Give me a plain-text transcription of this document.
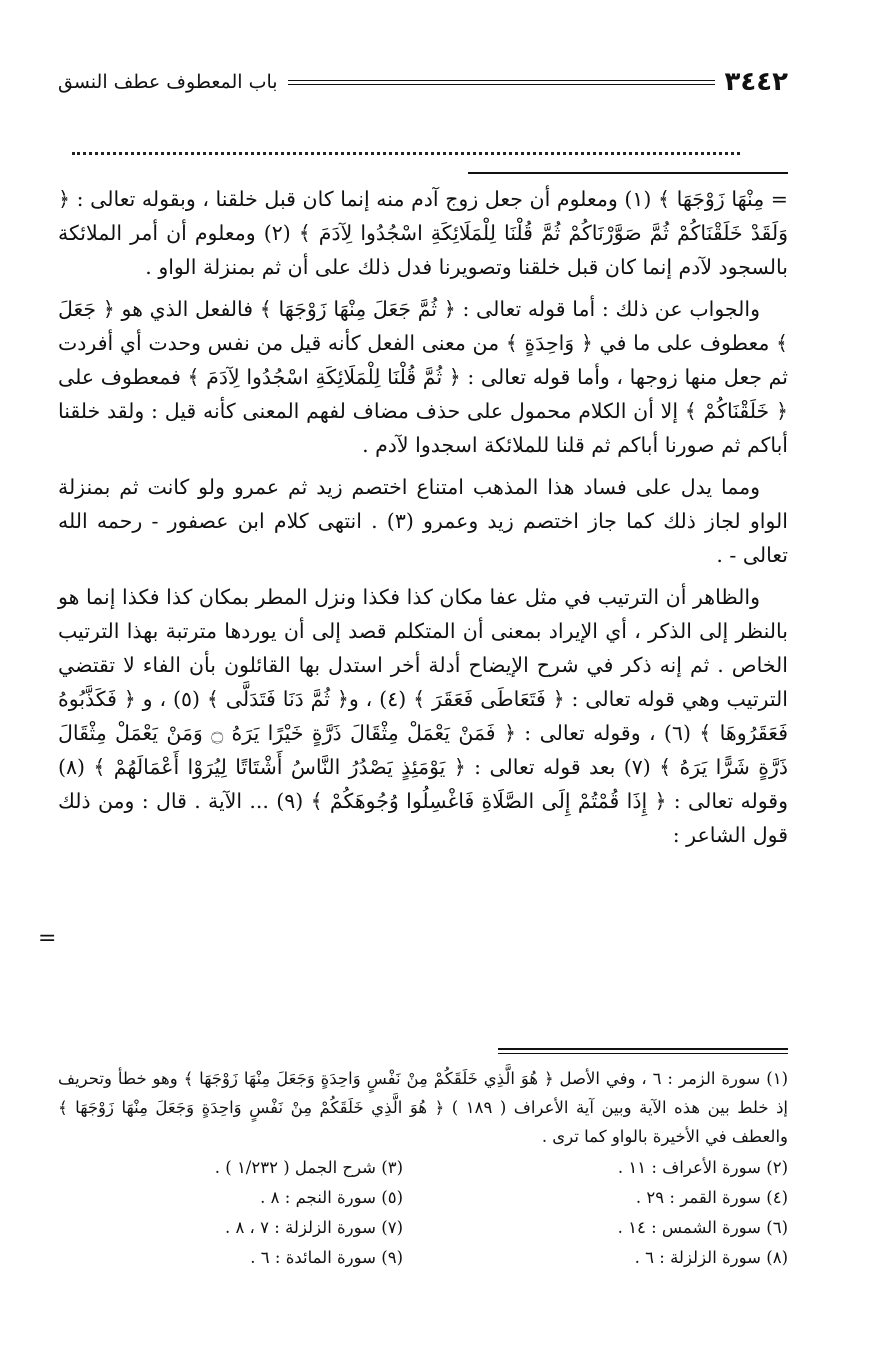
٣٤٤٢
باب المعطوف عطف النسق

= مِنْهَا زَوْجَهَا ﴾ (١) ومعلوم أن جعل زوج آدم منه إنما كان قبل خلقنا ، وبقوله تعالى : ﴿ وَلَقَدْ خَلَقْنَاكُمْ ثُمَّ صَوَّرْنَاكُمْ ثُمَّ قُلْنَا لِلْمَلَائِكَةِ اسْجُدُوا لِآدَمَ ﴾ (٢) ومعلوم أن أمر الملائكة بالسجود لآدم إنما كان قبل خلقنا وتصويرنا فدل ذلك على أن ثم بمنزلة الواو .

والجواب عن ذلك : أما قوله تعالى : ﴿ ثُمَّ جَعَلَ مِنْهَا زَوْجَهَا ﴾ فالفعل الذي هو ﴿ جَعَلَ ﴾ معطوف على ما في ﴿ وَاحِدَةٍ ﴾ من معنى الفعل كأنه قيل من نفس وحدت أي أفردت ثم جعل منها زوجها ، وأما قوله تعالى : ﴿ ثُمَّ قُلْنَا لِلْمَلَائِكَةِ اسْجُدُوا لِآدَمَ ﴾ فمعطوف على ﴿ خَلَقْنَاكُمْ ﴾ إلا أن الكلام محمول على حذف مضاف لفهم المعنى كأنه قيل : ولقد خلقنا أباكم ثم صورنا أباكم ثم قلنا للملائكة اسجدوا لآدم .

ومما يدل على فساد هذا المذهب امتناع اختصم زيد ثم عمرو ولو كانت ثم بمنزلة الواو لجاز ذلك كما جاز اختصم زيد وعمرو (٣) . انتهى كلام ابن عصفور - رحمه الله تعالى - .

والظاهر أن الترتيب في مثل عفا مكان كذا فكذا ونزل المطر بمكان كذا فكذا إنما هو بالنظر إلى الذكر ، أي الإيراد بمعنى أن المتكلم قصد إلى أن يوردها مترتبة بهذا الترتيب الخاص . ثم إنه ذكر في شرح الإيضاح أدلة أخر استدل بها القائلون بأن الفاء لا تقتضي الترتيب وهي قوله تعالى : ﴿ فَتَعَاطَى فَعَقَرَ ﴾ (٤) ، و﴿ ثُمَّ دَنَا فَتَدَلَّى ﴾ (٥) ، و ﴿ فَكَذَّبُوهُ فَعَقَرُوهَا ﴾ (٦) ، وقوله تعالى : ﴿ فَمَنْ يَعْمَلْ مِثْقَالَ ذَرَّةٍ خَيْرًا يَرَهُ ۝ وَمَنْ يَعْمَلْ مِثْقَالَ ذَرَّةٍ شَرًّا يَرَهُ ﴾ (٧) بعد قوله تعالى : ﴿ يَوْمَئِذٍ يَصْدُرُ النَّاسُ أَشْتَاتًا لِيُرَوْا أَعْمَالَهُمْ ﴾ (٨) وقوله تعالى : ﴿ إِذَا قُمْتُمْ إِلَى الصَّلَاةِ فَاغْسِلُوا وُجُوهَكُمْ ﴾ (٩) ... الآية . قال : ومن ذلك قول الشاعر :

=

(١) سورة الزمر : ٦ ، وفي الأصل ﴿ هُوَ الَّذِي خَلَقَكُمْ مِنْ نَفْسٍ وَاحِدَةٍ وَجَعَلَ مِنْهَا زَوْجَهَا ﴾ وهو خطأ وتحريف إذ خلط بين هذه الآية وبين آية الأعراف ( ١٨٩ ) ﴿ هُوَ الَّذِي خَلَقَكُمْ مِنْ نَفْسٍ وَاحِدَةٍ وَجَعَلَ مِنْهَا زَوْجَهَا ﴾ والعطف في الأخيرة بالواو كما ترى .

(٢) سورة الأعراف : ١١ .
(٣) شرح الجمل ( ١/٢٣٢ ) .
(٤) سورة القمر : ٢٩ .
(٥) سورة النجم : ٨ .
(٦) سورة الشمس : ١٤ .
(٧) سورة الزلزلة : ٧ ، ٨ .
(٨) سورة الزلزلة : ٦ .
(٩) سورة المائدة : ٦ .
